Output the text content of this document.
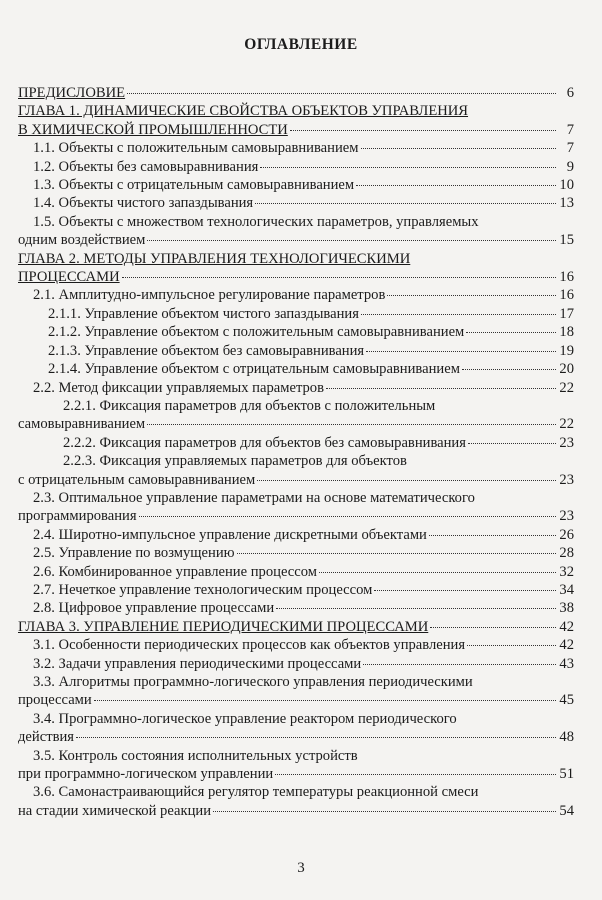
ОГЛАВЛЕНИЕ
ПРЕДИСЛОВИЕ	6
ГЛАВА 1. ДИНАМИЧЕСКИЕ СВОЙСТВА ОБЪЕКТОВ УПРАВЛЕНИЯ
В ХИМИЧЕСКОЙ ПРОМЫШЛЕННОСТИ	7
1.1. Объекты с положительным самовыравниванием	7
1.2. Объекты без самовыравнивания	9
1.3. Объекты с отрицательным самовыравниванием	10
1.4. Объекты чистого запаздывания	13
1.5. Объекты с множеством технологических параметров, управляемых
одним воздействием	15
ГЛАВА 2. МЕТОДЫ УПРАВЛЕНИЯ ТЕХНОЛОГИЧЕСКИМИ
ПРОЦЕССАМИ	16
2.1. Амплитудно-импульсное регулирование параметров	16
2.1.1. Управление объектом чистого запаздывания	17
2.1.2. Управление объектом с положительным самовыравниванием	18
2.1.3. Управление объектом без самовыравнивания	19
2.1.4. Управление объектом с отрицательным самовыравниванием	20
2.2. Метод фиксации управляемых параметров	22
2.2.1. Фиксация параметров для объектов с положительным
самовыравниванием	22
2.2.2. Фиксация параметров для объектов без самовыравнивания	23
2.2.3. Фиксация управляемых параметров для объектов
с отрицательным самовыравниванием	23
2.3. Оптимальное управление параметрами на основе математического
программирования	23
2.4. Широтно-импульсное управление дискретными объектами	26
2.5. Управление по возмущению	28
2.6. Комбинированное управление процессом	32
2.7. Нечеткое управление технологическим процессом	34
2.8. Цифровое управление процессами	38
ГЛАВА 3. УПРАВЛЕНИЕ ПЕРИОДИЧЕСКИМИ ПРОЦЕССАМИ	42
3.1. Особенности периодических процессов как объектов управления	42
3.2. Задачи управления периодическими процессами	43
3.3. Алгоритмы программно-логического управления периодическими
процессами	45
3.4. Программно-логическое управление реактором периодического
действия	48
3.5. Контроль состояния исполнительных устройств
при программно-логическом управлении	51
3.6. Самонастраивающийся регулятор температуры реакционной смеси
на стадии химической реакции	54
3
